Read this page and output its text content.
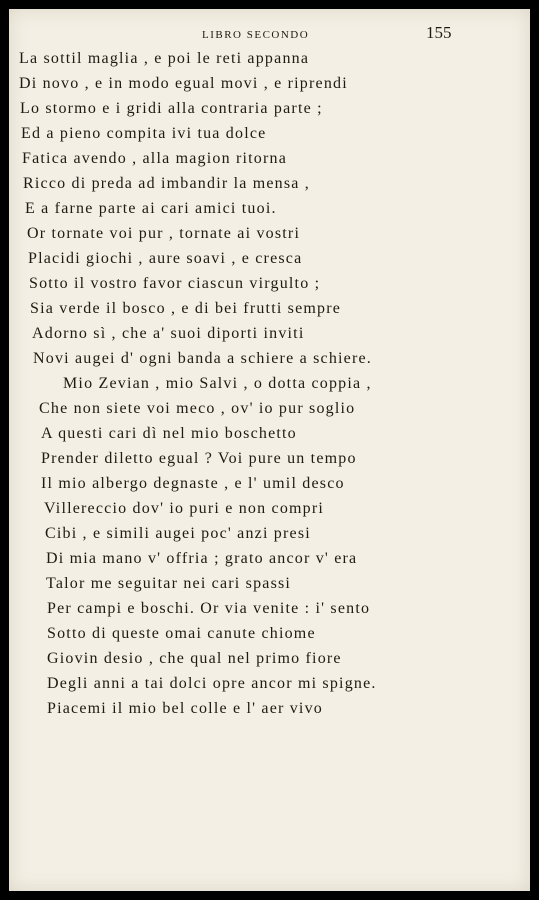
LIBRO SECONDO	155
La sottil maglia , e poi le reti appanna
Di novo , e in modo egual movi , e riprendi
Lo stormo e i gridi alla contraria parte ;
Ed a pieno compita ivi tua dolce
Fatica avendo , alla magion ritorna
Ricco di preda ad imbandir la mensa ,
E a farne parte ai cari amici tuoi.
Or tornate voi pur , tornate ai vostri
Placidi giochi , aure soavi , e cresca
Sotto il vostro favor ciascun virgulto ;
Sia verde il bosco , e di bei frutti sempre
Adorno sì , che a' suoi diporti inviti
Novi augei d' ogni banda a schiere a schiere.
Mio Zevian , mio Salvi , o dotta coppia ,
Che non siete voi meco , ov' io pur soglio
A questi cari dì nel mio boschetto
Prender diletto egual ? Voi pure un tempo
Il mio albergo degnaste , e l' umil desco
Villereccio dov' io puri e non compri
Cibi , e simili augei poc' anzi presi
Di mia mano v' offria ; grato ancor v' era
Talor me seguitar nei cari spassi
Per campi e boschi. Or via venite : i' sento
Sotto di queste omai canute chiome
Giovin desio , che qual nel primo fiore
Degli anni a tai dolci opre ancor mi spigne.
Piacemi il mio bel colle e l' aer vivo
